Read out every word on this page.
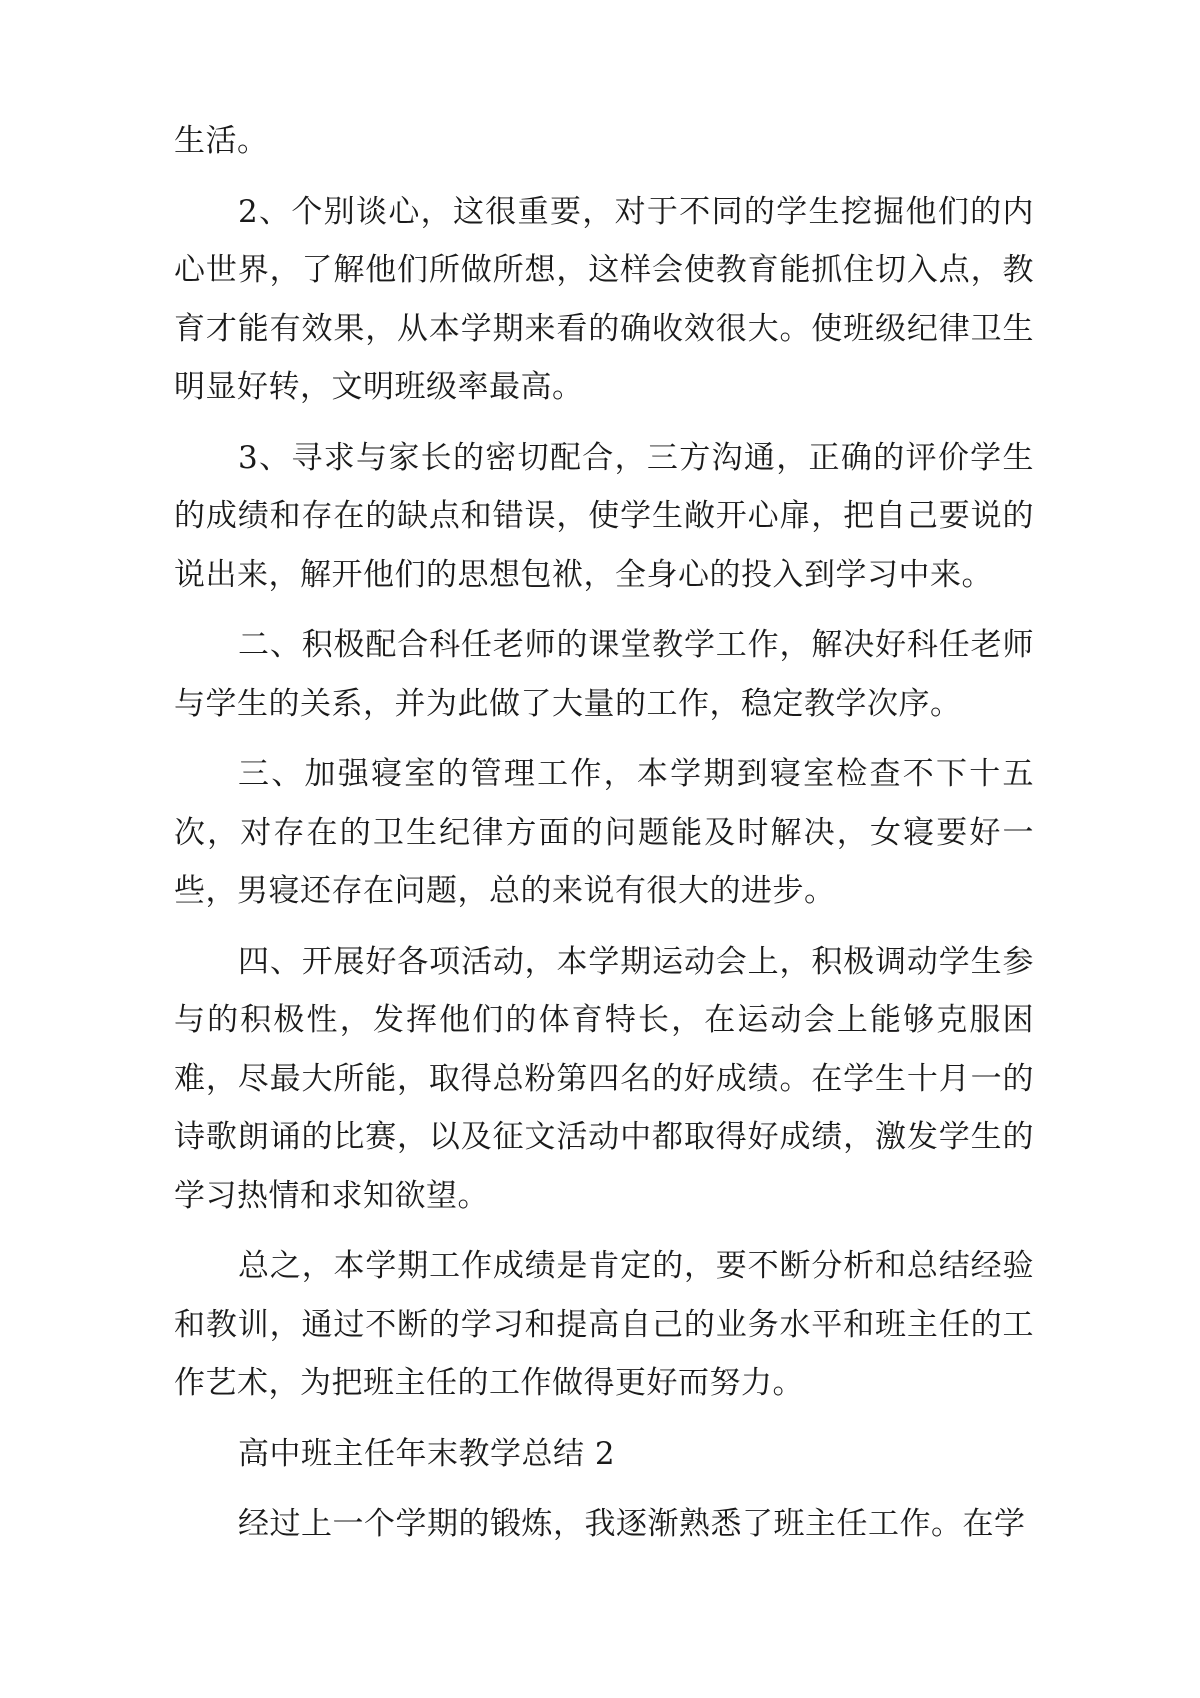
生活。

2、个别谈心，这很重要，对于不同的学生挖掘他们的内心世界，了解他们所做所想，这样会使教育能抓住切入点，教育才能有效果，从本学期来看的确收效很大。使班级纪律卫生明显好转，文明班级率最高。

3、寻求与家长的密切配合，三方沟通，正确的评价学生的成绩和存在的缺点和错误，使学生敞开心扉，把自己要说的说出来，解开他们的思想包袱，全身心的投入到学习中来。

二、积极配合科任老师的课堂教学工作，解决好科任老师与学生的关系，并为此做了大量的工作，稳定教学次序。

三、加强寝室的管理工作，本学期到寝室检查不下十五次，对存在的卫生纪律方面的问题能及时解决，女寝要好一些，男寝还存在问题，总的来说有很大的进步。

四、开展好各项活动，本学期运动会上，积极调动学生参与的积极性，发挥他们的体育特长，在运动会上能够克服困难，尽最大所能，取得总粉第四名的好成绩。在学生十月一的诗歌朗诵的比赛，以及征文活动中都取得好成绩，激发学生的学习热情和求知欲望。

总之，本学期工作成绩是肯定的，要不断分析和总结经验和教训，通过不断的学习和提高自己的业务水平和班主任的工作艺术，为把班主任的工作做得更好而努力。

高中班主任年末教学总结 2

经过上一个学期的锻炼，我逐渐熟悉了班主任工作。在学
